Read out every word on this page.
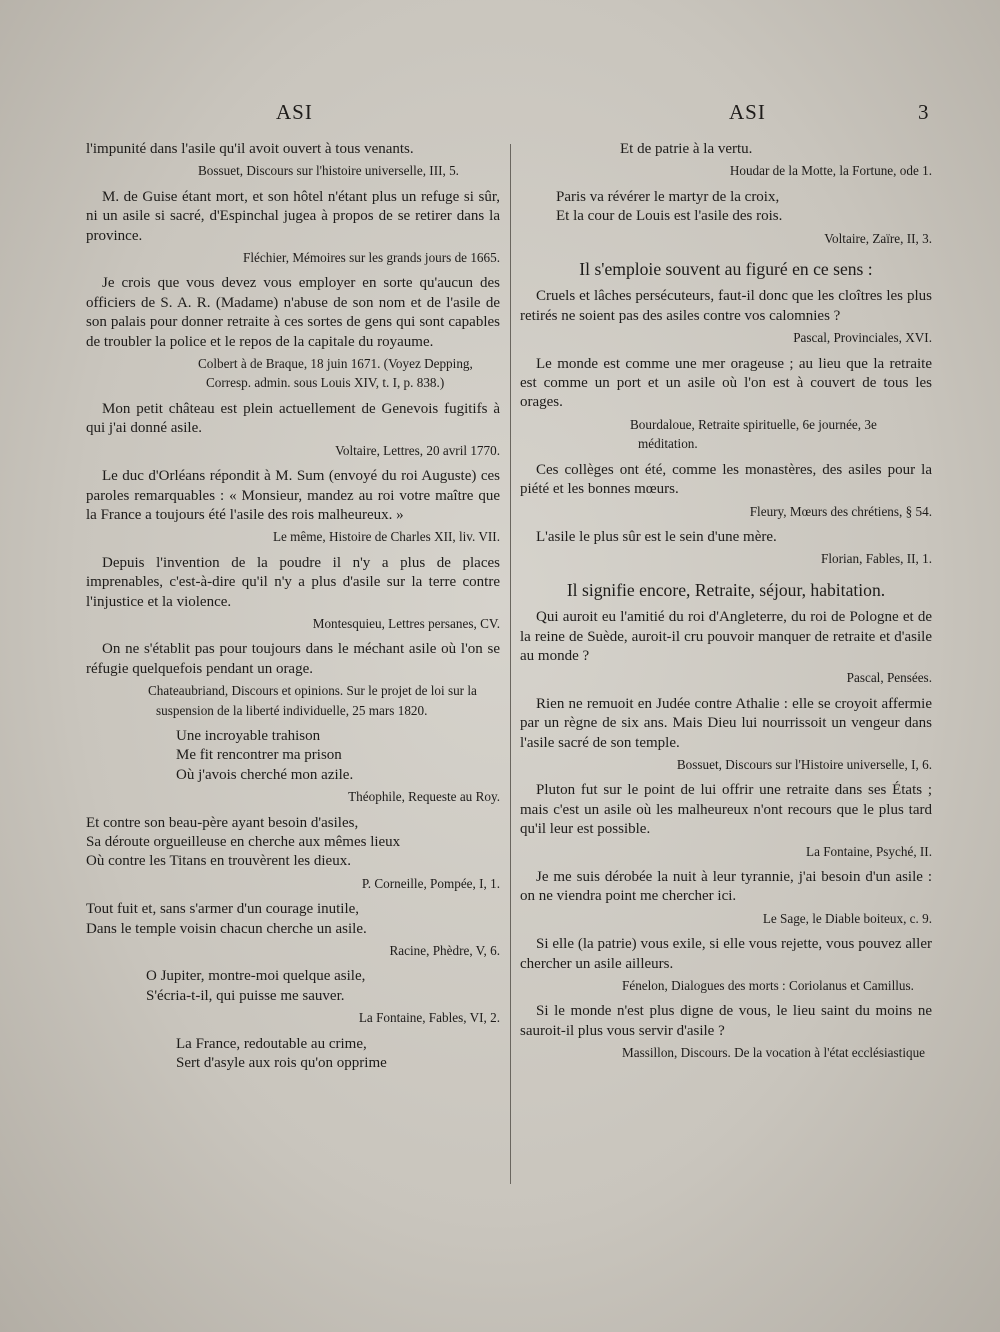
ASI	ASI	3

l'impunité dans l'asile qu'il avoit ouvert à tous venants.

Bossuet, Discours sur l'histoire universelle, III, 5.

M. de Guise étant mort, et son hôtel n'étant plus un refuge si sûr, ni un asile si sacré, d'Espinchal jugea à propos de se retirer dans la province.

Fléchier, Mémoires sur les grands jours de 1665.

Je crois que vous devez vous employer en sorte qu'aucun des officiers de S. A. R. (Madame) n'abuse de son nom et de l'asile de son palais pour donner retraite à ces sortes de gens qui sont capables de troubler la police et le repos de la capitale du royaume.

Colbert à de Braque, 18 juin 1671. (Voyez Depping, Corresp. admin. sous Louis XIV, t. I, p. 838.)

Mon petit château est plein actuellement de Genevois fugitifs à qui j'ai donné asile.

Voltaire, Lettres, 20 avril 1770.

Le duc d'Orléans répondit à M. Sum (envoyé du roi Auguste) ces paroles remarquables : « Monsieur, mandez au roi votre maître que la France a toujours été l'asile des rois malheureux. »

Le même, Histoire de Charles XII, liv. VII.

Depuis l'invention de la poudre il n'y a plus de places imprenables, c'est-à-dire qu'il n'y a plus d'asile sur la terre contre l'injustice et la violence.

Montesquieu, Lettres persanes, CV.

On ne s'établit pas pour toujours dans le méchant asile où l'on se réfugie quelquefois pendant un orage.

Chateaubriand, Discours et opinions. Sur le projet de loi sur la suspension de la liberté individuelle, 25 mars 1820.

Une incroyable trahison
Me fit rencontrer ma prison
Où j'avois cherché mon azile.

Théophile, Requeste au Roy.

Et contre son beau-père ayant besoin d'asiles,
Sa déroute orgueilleuse en cherche aux mêmes lieux
Où contre les Titans en trouvèrent les dieux.

P. Corneille, Pompée, I, 1.

Tout fuit et, sans s'armer d'un courage inutile,
Dans le temple voisin chacun cherche un asile.

Racine, Phèdre, V, 6.

O Jupiter, montre-moi quelque asile,
S'écria-t-il, qui puisse me sauver.

La Fontaine, Fables, VI, 2.

La France, redoutable au crime,
Sert d'asyle aux rois qu'on opprime
Et de patrie à la vertu.

Houdar de la Motte, la Fortune, ode 1.

Paris va révérer le martyr de la croix,
Et la cour de Louis est l'asile des rois.

Voltaire, Zaïre, II, 3.

Il s'emploie souvent au figuré en ce sens :

Cruels et lâches persécuteurs, faut-il donc que les cloîtres les plus retirés ne soient pas des asiles contre vos calomnies ?

Pascal, Provinciales, XVI.

Le monde est comme une mer orageuse ; au lieu que la retraite est comme un port et un asile où l'on est à couvert de tous les orages.

Bourdaloue, Retraite spirituelle, 6e journée, 3e méditation.

Ces collèges ont été, comme les monastères, des asiles pour la piété et les bonnes mœurs.

Fleury, Mœurs des chrétiens, § 54.

L'asile le plus sûr est le sein d'une mère.

Florian, Fables, II, 1.

Il signifie encore, Retraite, séjour, habitation.

Qui auroit eu l'amitié du roi d'Angleterre, du roi de Pologne et de la reine de Suède, auroit-il cru pouvoir manquer de retraite et d'asile au monde ?

Pascal, Pensées.

Rien ne remuoit en Judée contre Athalie : elle se croyoit affermie par un règne de six ans. Mais Dieu lui nourrissoit un vengeur dans l'asile sacré de son temple.

Bossuet, Discours sur l'Histoire universelle, I, 6.

Pluton fut sur le point de lui offrir une retraite dans ses États ; mais c'est un asile où les malheureux n'ont recours que le plus tard qu'il leur est possible.

La Fontaine, Psyché, II.

Je me suis dérobée la nuit à leur tyrannie, j'ai besoin d'un asile : on ne viendra point me chercher ici.

Le Sage, le Diable boiteux, c. 9.

Si elle (la patrie) vous exile, si elle vous rejette, vous pouvez aller chercher un asile ailleurs.

Fénelon, Dialogues des morts : Coriolanus et Camillus.

Si le monde n'est plus digne de vous, le lieu saint du moins ne sauroit-il plus vous servir d'asile ?

Massillon, Discours. De la vocation à l'état ecclésiastique
